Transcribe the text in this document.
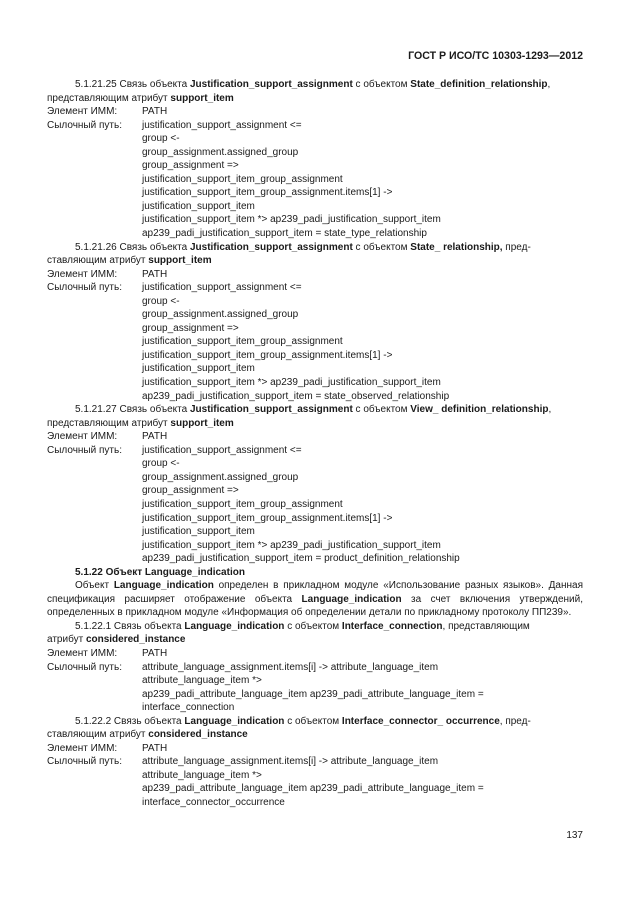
ГОСТ Р ИСО/ТС 10303-1293—2012

5.1.21.25 Связь объекта Justification_support_assignment с объектом State_definition_relationship,
представляющим атрибут support_item

Элемент ИММ:	PATH
Сылочный путь:	justification_support_assignment <=
group <-
group_assignment.assigned_group
group_assignment =>
justification_support_item_group_assignment
justification_support_item_group_assignment.items[1] ->
justification_support_item
justification_support_item *> ap239_padi_justification_support_item
ap239_padi_justification_support_item = state_type_relationship

5.1.21.26 Связь объекта Justification_support_assignment с объектом State_ relationship, пред-
ставляющим атрибут support_item

Элемент ИММ:	PATH
Сылочный путь:	justification_support_assignment <=
group <-
group_assignment.assigned_group
group_assignment =>
justification_support_item_group_assignment
justification_support_item_group_assignment.items[1] ->
justification_support_item
justification_support_item *> ap239_padi_justification_support_item
ap239_padi_justification_support_item = state_observed_relationship

5.1.21.27 Связь объекта Justification_support_assignment с объектом View_ definition_relationship,
представляющим атрибут support_item

Элемент ИММ:	PATH
Сылочный путь:	justification_support_assignment <=
group <-
group_assignment.assigned_group
group_assignment =>
justification_support_item_group_assignment
justification_support_item_group_assignment.items[1] ->
justification_support_item
justification_support_item *> ap239_padi_justification_support_item
ap239_padi_justification_support_item = product_definition_relationship
5.1.22 Объект Language_indication

Объект Language_indication определен в прикладном модуле «Использование разных языков». Данная спецификация расширяет отображение объекта Language_indication за счет включения утверждений, определенных в прикладном модуле «Информация об определении детали по прикладному протоколу ПП239».

5.1.22.1 Связь объекта Language_indication с объектом Interface_connection, представляющим
атрибут considered_instance

Элемент ИММ:	PATH
Сылочный путь:	attribute_language_assignment.items[i] -> attribute_language_item
attribute_language_item *>
ap239_padi_attribute_language_item ap239_padi_attribute_language_item =
interface_connection

5.1.22.2 Связь объекта Language_indication с объектом Interface_connector_ occurrence, пред-
ставляющим атрибут considered_instance

Элемент ИММ:	PATH
Сылочный путь:	attribute_language_assignment.items[i] -> attribute_language_item
attribute_language_item *>
ap239_padi_attribute_language_item ap239_padi_attribute_language_item =
interface_connector_occurrence
137
